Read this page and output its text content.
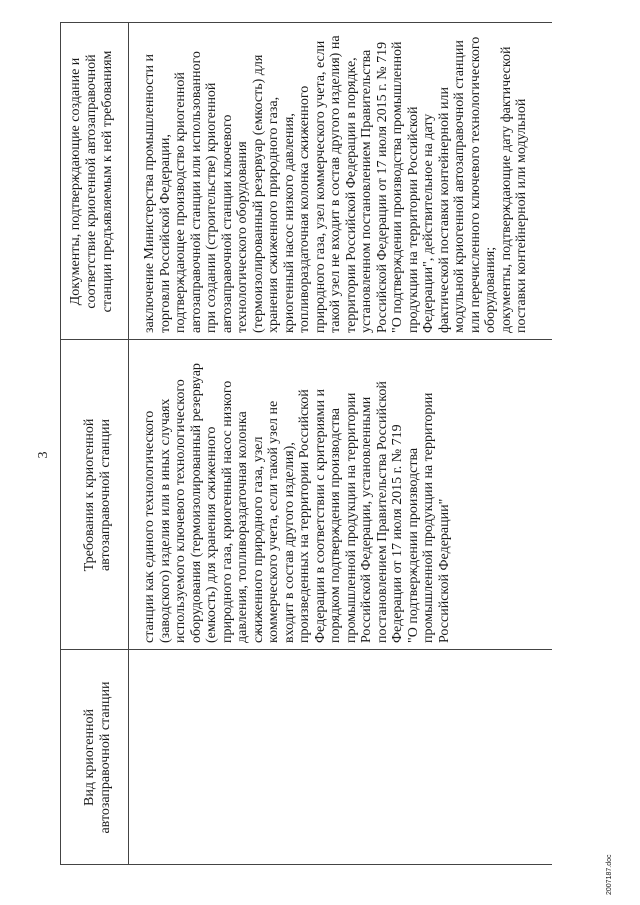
3
Вид криогенной автозаправочной станции
Требования к криогенной автозаправочной станции
Документы, подтверждающие создание и соответствие криогенной автозаправочной станции предъявляемым к ней требованиям
станции как единого технологического (заводского) изделия или в иных случаях используемого ключевого технологического оборудования (термоизолированный резервуар (емкость) для хранения сжиженного природного газа, криогенный насос низкого давления, топливораздаточная колонка сжиженного природного газа, узел коммерческого учета, если такой узел не входит в состав другого изделия), произведенных на территории Российской Федерации в соответствии с критериями и порядком подтверждения производства промышленной продукции на территории Российской Федерации, установленными постановлением Правительства Российской Федерации от 17 июля 2015 г. № 719 "О подтверждении производства промышленной продукции на территории Российской Федерации"
заключение Министерства промышленности и торговли Российской Федерации, подтверждающее производство криогенной автозаправочной станции или использованного при создании (строительстве) криогенной автозаправочной станции ключевого технологического оборудования (термоизолированный резервуар (емкость) для хранения сжиженного природного газа, криогенный насос низкого давления, топливораздаточная колонка сжиженного природного газа, узел коммерческого учета, если такой узел не входит в состав другого изделия) на территории Российской Федерации в порядке, установленном постановлением Правительства Российской Федерации от 17 июля 2015 г. № 719 "О подтверждении производства промышленной продукции на территории Российской Федерации", действительное на дату фактической поставки контейнерной или модульной криогенной автозаправочной станции или перечисленного ключевого технологического оборудования; документы, подтверждающие дату фактической поставки контейнерной или модульной
2007187.doc
